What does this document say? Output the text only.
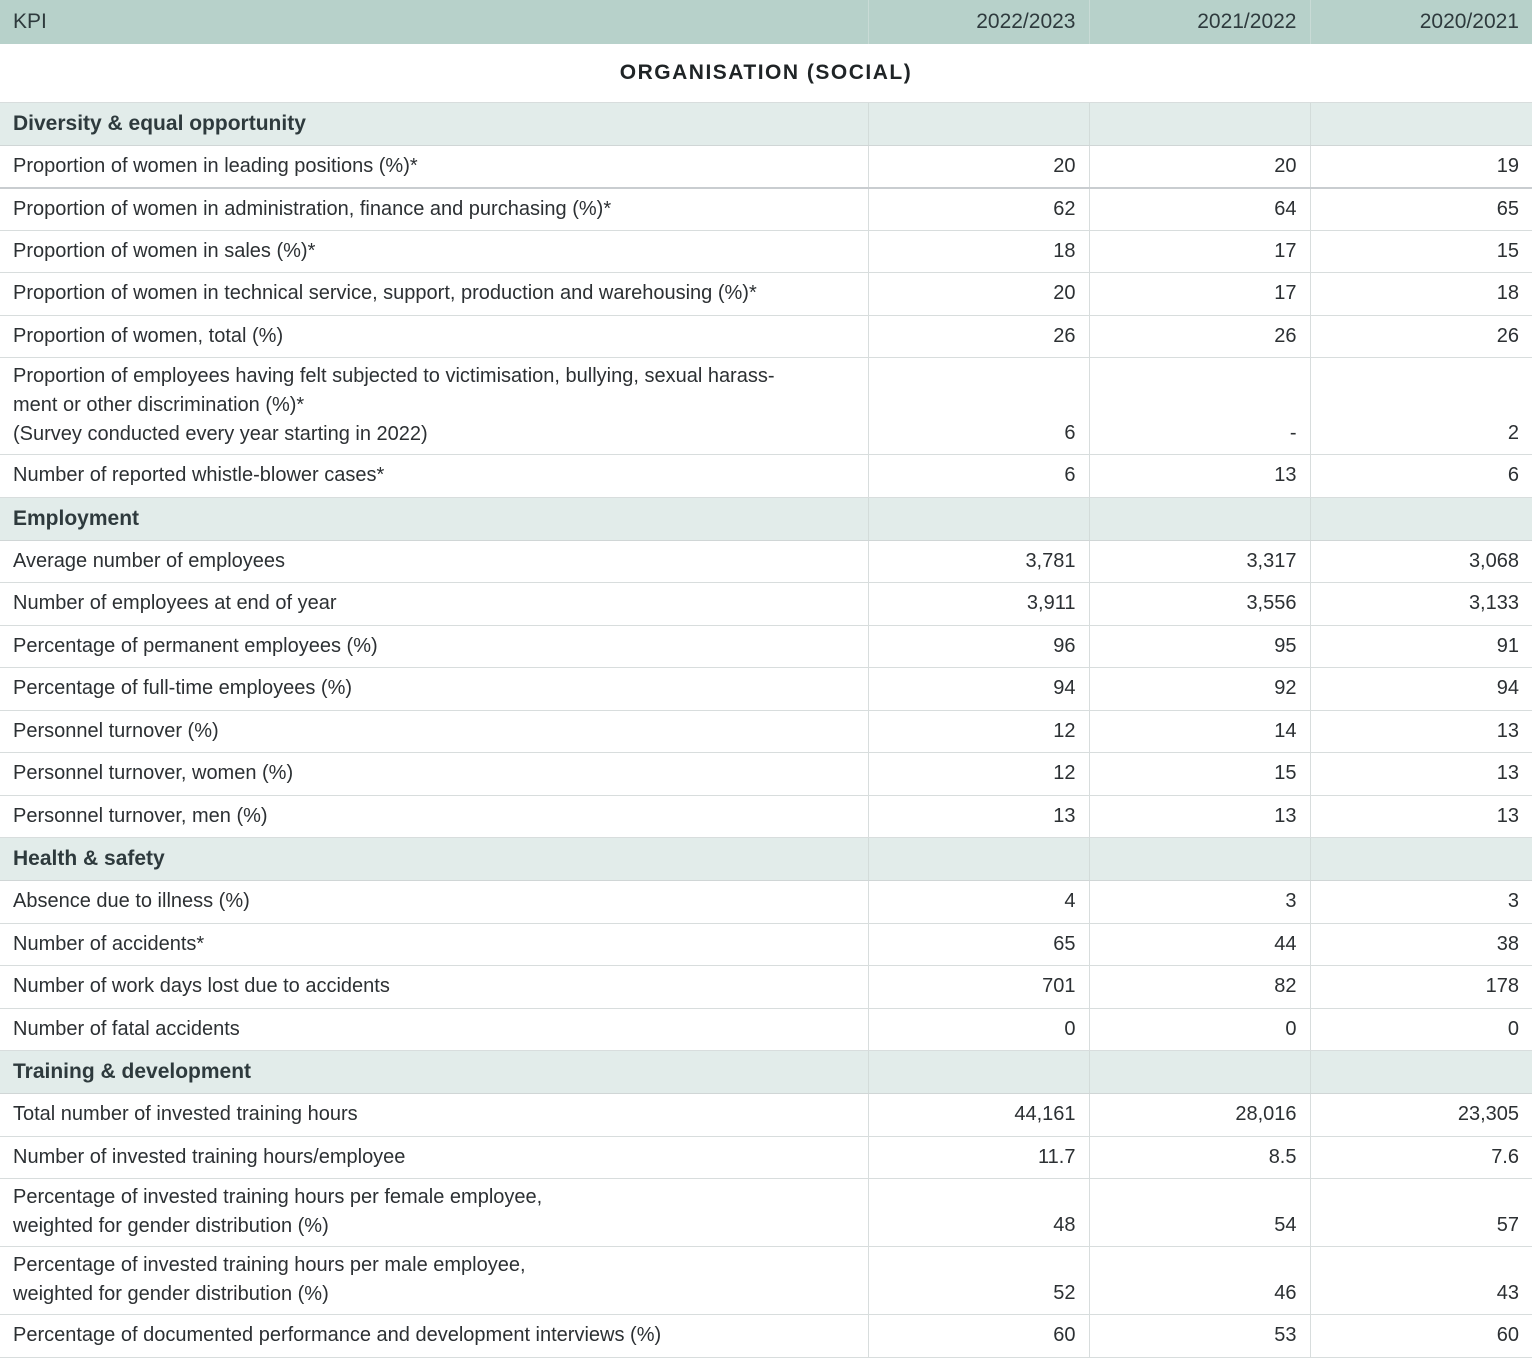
KPI	2022/2023	2021/2022	2020/2021
ORGANISATION (SOCIAL)			
Diversity & equal opportunity			
Proportion of women in leading positions (%)*	20	20	19
Proportion of women in administration, finance and purchasing (%)*	62	64	65
Proportion of women in sales (%)*	18	17	15
Proportion of women in technical service, support, production and warehousing (%)*	20	17	18
Proportion of women, total (%)	26	26	26

Proportion of employees having felt subjected to victimisation, bullying, sexual harass-
ment or other discrimination (%)*
(Survey conducted every year starting in 2022)	6	-	2
Number of reported whistle-blower cases*	6	13	6
Employment			
Average number of employees	3,781	3,317	3,068
Number of employees at end of year	3,911	3,556	3,133
Percentage of permanent employees (%)	96	95	91
Percentage of full-time employees (%)	94	92	94
Personnel turnover (%)	12	14	13
Personnel turnover, women (%)	12	15	13
Personnel turnover, men (%)	13	13	13
Health & safety			
Absence due to illness (%)	4	3	3
Number of accidents*	65	44	38
Number of work days lost due to accidents	701	82	178
Number of fatal accidents	0	0	0
Training & development			
Total number of invested training hours	44,161	28,016	23,305
Number of invested training hours/employee	11.7	8.5	7.6

Percentage of invested training hours per female employee,
weighted for gender distribution (%)	48	54	57

Percentage of invested training hours per male employee,
weighted for gender distribution (%)	52	46	43
Percentage of documented performance and development interviews (%)	60	53	60
